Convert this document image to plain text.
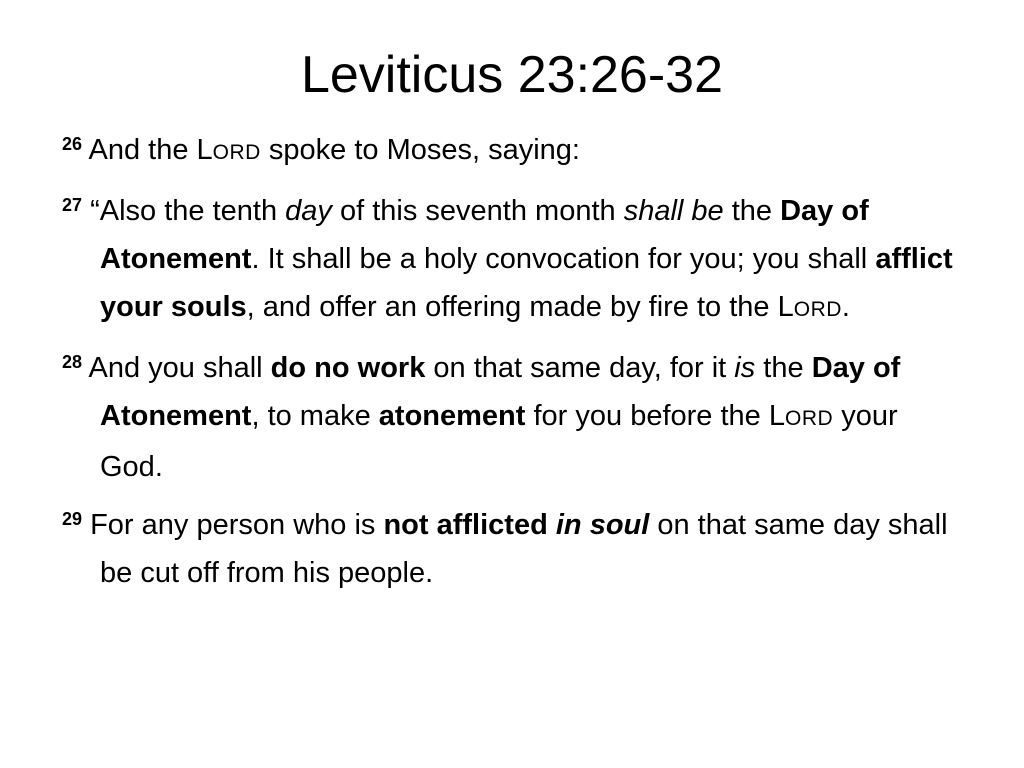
Leviticus 23:26-32

$^{26}$ And the LORD spoke to Moses, saying:

$^{27}$ “Also the tenth day of this seventh month shall be the Day of Atonement. It shall be a holy convocation for you; you shall afflict your souls, and offer an offering made by fire to the LORD.

$^{28}$ And you shall do no work on that same day, for it is the Day of Atonement, to make atonement for you before the LORD your God.

$^{29}$ For any person who is not afflicted in soul on that same day shall be cut off from his people.
